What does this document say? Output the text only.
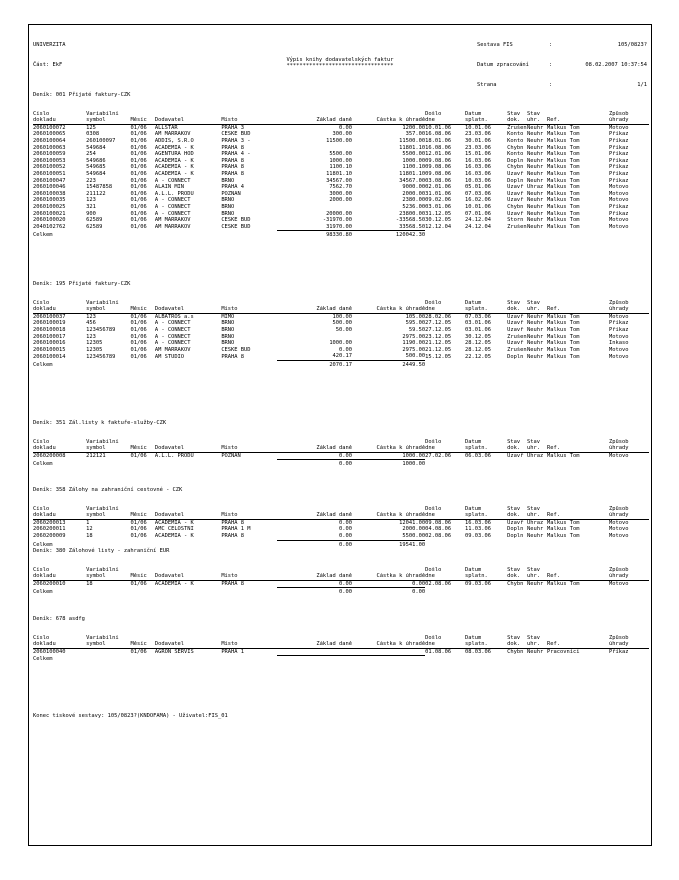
UNIVERZITA

Část: EkF

Sestava FIS	:	105/0823?

Datum zpracování	:	08.02.2007 10:37:54

Strana	:	1/1

Výpis knihy dodavatelských faktur
*********************************
Deník: 001 Přijaté faktury-CZK
Číslo	Variabilní						Došlo	Datum	Stav	Stav		Způsob
dokladu	symbol	Měsíc	Dodavatel	Místo	Základ daně	Částka k úhradě	dne	splatn.	dok.	uhr.	Ref.	úhrady
2060100072	125	01/06	ALLSTAR	PRAHA 3	0.00	1200.00	10.01.06	10.01.06	Zrušen	Neuhr	Malkus Tom	Motovo
2060100065	0308	01/06	AM MARRAKOV	ČESKÉ BUD	300.00	357.00	16.08.06	23.03.06	Konto	Neuhr	Malkus Tom	Příkaz
2060100064	260100097	01/06	ADDIS, S.R.O	PRAHA 3 -	11500.00	11500.00	18.01.06	30.01.06	Konto	Neuhr	Malkus Tom	Příkaz
2060100063	549684	01/06	ACADEMIA - K	PRAHA 8		11801.10	16.08.06	23.03.06	Chybn	Neuhr	Malkus Tom	Příkaz
2060100059	254	01/06	AGENTURA HOD	PRAHA 4 -	5500.00	5500.00	12.01.06	15.01.06	Konto	Neuhr	Malkus Tom	Příkaz
2060100053	549686	01/06	ACADEMIA - K	PRAHA 8	1000.00	1000.00	09.08.06	16.03.06	Dopln	Neuhr	Malkus Tom	Příkaz
2060100052	549685	01/06	ACADEMIA - K	PRAHA 8	1100.10	1100.10	09.08.06	16.03.06	Chybn	Neuhr	Malkus Tom	Příkaz
2060100051	549684	01/06	ACADEMIA - K	PRAHA 8	11801.10	11801.10	09.08.06	16.03.06	Uzavř	Neuhr	Malkus Tom	Příkaz
2060100047	223	01/06	A - CONNECT	BRNO	34567.00	34567.00	03.08.06	10.03.06	Dopln	Neuhr	Malkus Tom	Příkaz
2060100046	15487858	01/06	ALAIN MIN	PRAHA 4	7562.70	9000.00	02.01.06	05.01.06	Uzavř	Uhraz	Malkus Tom	Motovo
2060100038	211122	01/06	A.L.L. PRODU	POZNAŇ	3000.00	2000.00	31.01.06	07.03.06	Uzavř	Neuhr	Malkus Tom	Motovo
2060100035	123	01/06	A - CONNECT	BRNO	2000.00	2380.00	09.02.06	16.02.06	Uzavř	Neuhr	Malkus Tom	Motovo
2060100025	321	01/06	A - CONNECT	BRNO		5236.00	03.01.06	10.01.06	Chybn	Neuhr	Malkus Tom	Příkaz
2060100021	900	01/06	A - CONNECT	BRNO	20000.00	23800.00	31.12.05	07.01.06	Uzavř	Neuhr	Malkus Tom	Příkaz
2060100020	62589	01/06	AM MARRAKOV	ČESKÉ BUD	-31970.00	-33568.50	30.12.05	24.12.04	Storn	Neuhr	Malkus Tom	Motovo
2040102762	62589	01/06	AM MARRAKOV	ČESKÉ BUD	31970.00	33568.50	12.12.04	24.12.04	Zrušen	Neuhr	Malkus Tom	Motovo
Celkem					98330.80	120042.30						
Deník: 195 Přijaté faktury-CZK
Číslo	Variabilní						Došlo	Datum	Stav	Stav		Způsob
dokladu	symbol	Měsíc	Dodavatel	Místo	Základ daně	Částka k úhradě	dne	splatn.	dok.	uhr.	Ref.	úhrady
2060100037	123	01/06	ALBATROS a.s	MIMO	100.00	105.00	28.02.06	07.03.06	Uzavř	Neuhr	Malkus Tom	Motovo
2060100019	456	01/06	A - CONNECT	BRNO	500.00	595.00	27.12.05	03.01.06	Uzavř	Neuhr	Malkus Tom	Příkaz
2060100018	123456789	01/06	A - CONNECT	BRNO	50.00	59.50	27.12.05	03.01.06	Uzavř	Neuhr	Malkus Tom	Příkaz
2060100017	123	01/06	A - CONNECT	BRNO		2975.00	23.12.05	30.12.05	Zrušen	Neuhr	Malkus Tom	Motovo
2060100016	12305	01/06	A - CONNECT	BRNO	1000.00	1190.00	21.12.05	28.12.05	Uzavř	Neuhr	Malkus Tom	Inkaso
2060100015	12305	01/06	AM MARRAKOV	ČESKÉ BUD	0.00	2975.00	21.12.05	28.12.05	Zrušen	Neuhr	Malkus Tom	Motovo
2060100014	123456789	01/06	AM STUDIO	PRAHA 8	420.17	500.00	15.12.05	22.12.05	Dopln	Neuhr	Malkus Tom	Motovo
Celkem					2070.17	2449.50						
Deník: 351 Zál.listy k faktuře-služby-CZK
Číslo	Variabilní						Došlo	Datum	Stav	Stav		Způsob
dokladu	symbol	Měsíc	Dodavatel	Místo	Základ daně	Částka k úhradě	dne	splatn.	dok.	uhr.	Ref.	úhrady
2060200008	212121	01/06	A.L.L. PRODU	POZNAŇ	0.00	1000.00	27.02.06	06.03.06	Uzavř	Uhraz	Malkus Tom	Motovo
Celkem					0.00	1000.00						
Deník: 358 Zálohy na zahraniční cestovné - CZK
Číslo	Variabilní						Došlo	Datum	Stav	Stav		Způsob
dokladu	symbol	Měsíc	Dodavatel	Místo	Základ daně	Částka k úhradě	dne	splatn.	dok.	uhr.	Ref.	úhrady
2060200013	1	01/06	ACADEMIA - K	PRAHA 8	0.00	12041.00	09.08.06	16.03.06	Uzavř	Uhraz	Malkus Tom	Motovo
2060200011	12	01/06	AMC CELOSTNÍ	PRAHA 1 M	0.00	2000.00	04.08.06	11.03.06	Dopln	Neuhr	Malkus Tom	Motovo
2060200009	18	01/06	ACADEMIA - K	PRAHA 8	0.00	5500.00	02.08.06	09.03.06	Dopln	Neuhr	Malkus Tom	Motovo
Celkem					0.00	19541.00						
Deník: 380 Zálohové listy - zahraniční EUR
Číslo	Variabilní						Došlo	Datum	Stav	Stav		Způsob
dokladu	symbol	Měsíc	Dodavatel	Místo	Základ daně	Částka k úhradě	dne	splatn.	dok.	uhr.	Ref.	úhrady
2060200010	18	01/06	ACADEMIA - K	PRAHA 8	0.00	0.00	02.08.06	09.03.06	Chybn	Neuhr	Malkus Tom	Motovo
Celkem					0.00	0.00						
Deník: 678 asdfg
Číslo	Variabilní						Došlo	Datum	Stav	Stav		Způsob
dokladu	symbol	Měsíc	Dodavatel	Místo	Základ daně	Částka k úhradě	dne	splatn.	dok.	uhr.	Ref.	úhrady
2060100040		01/06	AGRON SERVIS	PRAHA 1			01.08.06	08.03.06	Chybn	Neuhr	Pracovníci	Příkaz
Celkem												
Konec tiskové sestavy: 105/0823?(KNDOFAMA) - Uživatel:FIS_01
